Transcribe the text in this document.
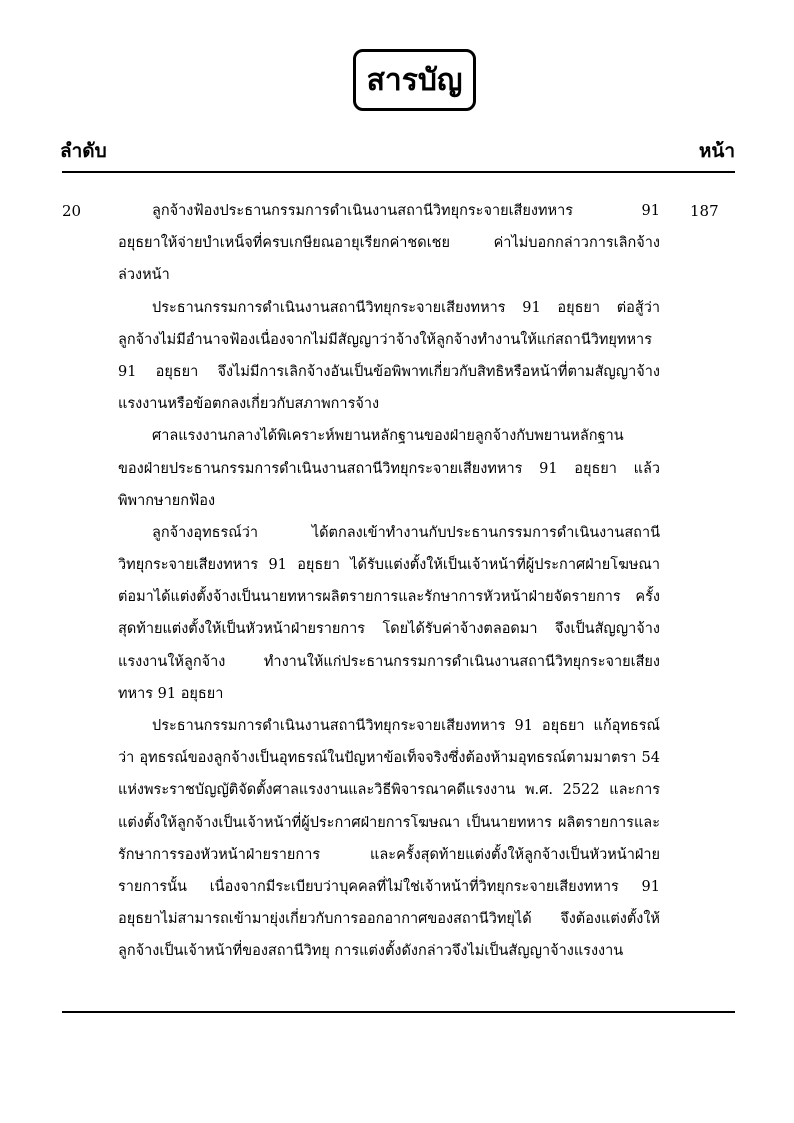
สารบัญ
ลำดับ	หน้า
20	187
ลูกจ้างฟ้องประธานกรรมการดำเนินงานสถานีวิทยุกระจายเสียงทหาร 91
อยุธยาให้จ่ายบำเหน็จที่ครบเกษียณอายุเรียกค่าชดเชย ค่าไม่บอกกล่าวการเลิกจ้าง
ล่วงหน้า
ประธานกรรมการดำเนินงานสถานีวิทยุกระจายเสียงทหาร 91 อยุธยา ต่อสู้ว่า
ลูกจ้างไม่มีอำนาจฟ้องเนื่องจากไม่มีสัญญาว่าจ้างให้ลูกจ้างทำงานให้แก่สถานีวิทยุทหาร
91 อยุธยา จึงไม่มีการเลิกจ้างอันเป็นข้อพิพาทเกี่ยวกับสิทธิหรือหน้าที่ตามสัญญาจ้าง
แรงงานหรือข้อตกลงเกี่ยวกับสภาพการจ้าง
ศาลแรงงานกลางได้พิเคราะห์พยานหลักฐานของฝ่ายลูกจ้างกับพยานหลักฐาน
ของฝ่ายประธานกรรมการดำเนินงานสถานีวิทยุกระจายเสียงทหาร 91 อยุธยา แล้ว
พิพากษายกฟ้อง
ลูกจ้างอุทธรณ์ว่า ได้ตกลงเข้าทำงานกับประธานกรรมการดำเนินงานสถานี
วิทยุกระจายเสียงทหาร 91 อยุธยา ได้รับแต่งตั้งให้เป็นเจ้าหน้าที่ผู้ประกาศฝ่ายโฆษณา
ต่อมาได้แต่งตั้งจ้างเป็นนายทหารผลิตรายการและรักษาการหัวหน้าฝ่ายจัดรายการ ครั้ง
สุดท้ายแต่งตั้งให้เป็นหัวหน้าฝ่ายรายการ โดยได้รับค่าจ้างตลอดมา จึงเป็นสัญญาจ้าง
แรงงานให้ลูกจ้าง ทำงานให้แก่ประธานกรรมการดำเนินงานสถานีวิทยุกระจายเสียง
ทหาร 91 อยุธยา
ประธานกรรมการดำเนินงานสถานีวิทยุกระจายเสียงทหาร 91 อยุธยา แก้อุทธรณ์
ว่า อุทธรณ์ของลูกจ้างเป็นอุทธรณ์ในปัญหาข้อเท็จจริงซึ่งต้องห้ามอุทธรณ์ตามมาตรา 54
แห่งพระราชบัญญัติจัดตั้งศาลแรงงานและวิธีพิจารณาคดีแรงงาน พ.ศ. 2522 และการ
แต่งตั้งให้ลูกจ้างเป็นเจ้าหน้าที่ผู้ประกาศฝ่ายการโฆษณา เป็นนายทหาร ผลิตรายการและ
รักษาการรองหัวหน้าฝ่ายรายการ และครั้งสุดท้ายแต่งตั้งให้ลูกจ้างเป็นหัวหน้าฝ่าย
รายการนั้น เนื่องจากมีระเบียบว่าบุคคลที่ไม่ใช่เจ้าหน้าที่วิทยุกระจายเสียงทหาร 91
อยุธยาไม่สามารถเข้ามายุ่งเกี่ยวกับการออกอากาศของสถานีวิทยุได้ จึงต้องแต่งตั้งให้
ลูกจ้างเป็นเจ้าหน้าที่ของสถานีวิทยุ การแต่งตั้งดังกล่าวจึงไม่เป็นสัญญาจ้างแรงงาน
